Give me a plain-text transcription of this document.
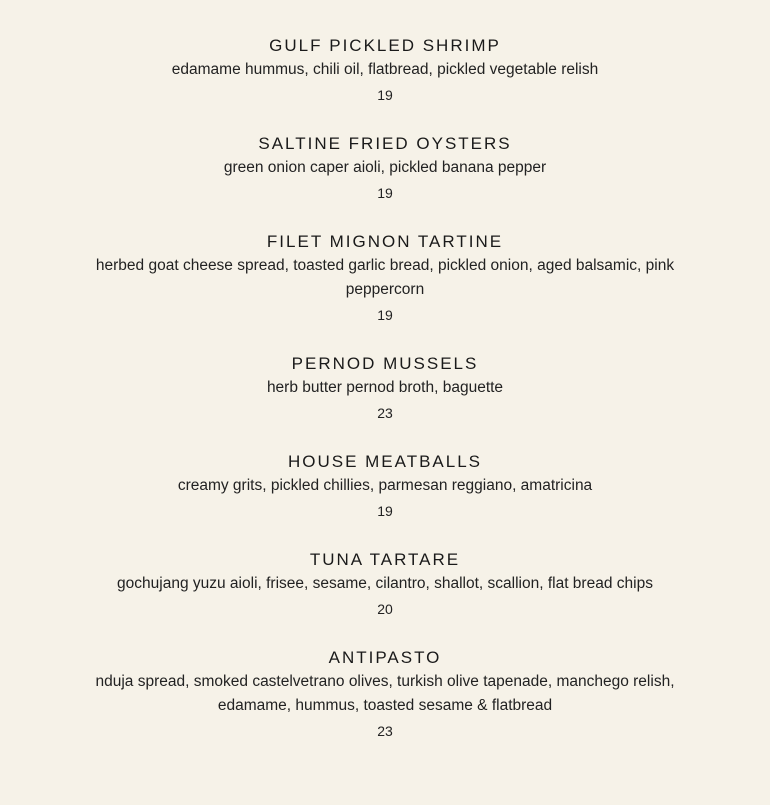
GULF PICKLED SHRIMP
edamame hummus, chili oil, flatbread, pickled vegetable relish
19
SALTINE FRIED OYSTERS
green onion caper aioli, pickled banana pepper
19
FILET MIGNON TARTINE
herbed goat cheese spread, toasted garlic bread, pickled onion, aged balsamic, pink peppercorn
19
PERNOD MUSSELS
herb butter pernod broth, baguette
23
HOUSE MEATBALLS
creamy grits, pickled chillies, parmesan reggiano, amatricina
19
TUNA TARTARE
gochujang yuzu aioli, frisee, sesame, cilantro, shallot, scallion, flat bread chips
20
ANTIPASTO
nduja spread, smoked castelvetrano olives, turkish olive tapenade, manchego relish, edamame, hummus, toasted sesame & flatbread
23
